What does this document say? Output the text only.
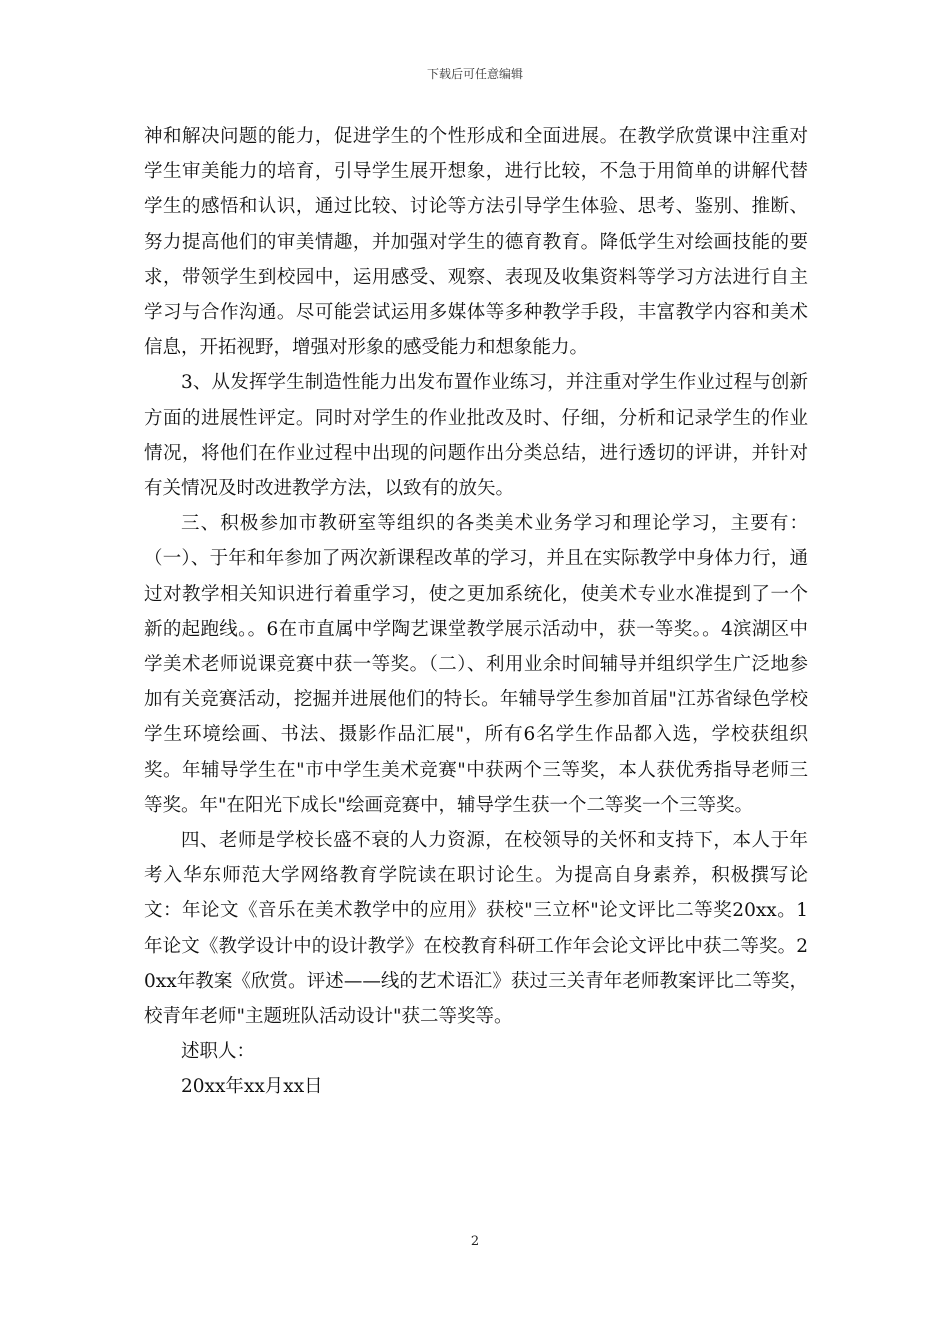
下载后可任意编辑

神和解决问题的能力，促进学生的个性形成和全面进展。在教学欣赏课中注重对学生审美能力的培育，引导学生展开想象，进行比较，不急于用简单的讲解代替学生的感悟和认识，通过比较、讨论等方法引导学生体验、思考、鉴别、推断、努力提高他们的审美情趣，并加强对学生的德育教育。降低学生对绘画技能的要求，带领学生到校园中，运用感受、观察、表现及收集资料等学习方法进行自主学习与合作沟通。尽可能尝试运用多媒体等多种教学手段，丰富教学内容和美术信息，开拓视野，增强对形象的感受能力和想象能力。

3、从发挥学生制造性能力出发布置作业练习，并注重对学生作业过程与创新方面的进展性评定。同时对学生的作业批改及时、仔细，分析和记录学生的作业情况，将他们在作业过程中出现的问题作出分类总结，进行透切的评讲，并针对有关情况及时改进教学方法，以致有的放矢。

三、积极参加市教研室等组织的各类美术业务学习和理论学习，主要有：（一）、于年和年参加了两次新课程改革的学习，并且在实际教学中身体力行，通过对教学相关知识进行着重学习，使之更加系统化，使美术专业水准提到了一个新的起跑线。。6在市直属中学陶艺课堂教学展示活动中，获一等奖。。4滨湖区中学美术老师说课竞赛中获一等奖。（二）、利用业余时间辅导并组织学生广泛地参加有关竞赛活动，挖掘并进展他们的特长。年辅导学生参加首届"江苏省绿色学校学生环境绘画、书法、摄影作品汇展"，所有6名学生作品都入选，学校获组织奖。年辅导学生在"市中学生美术竞赛"中获两个三等奖，本人获优秀指导老师三等奖。年"在阳光下成长"绘画竞赛中，辅导学生获一个二等奖一个三等奖。

四、老师是学校长盛不衰的人力资源，在校领导的关怀和支持下，本人于年考入华东师范大学网络教育学院读在职讨论生。为提高自身素养，积极撰写论文：年论文《音乐在美术教学中的应用》获校"三立杯"论文评比二等奖20xx。1年论文《教学设计中的设计教学》在校教育科研工作年会论文评比中获二等奖。20xx年教案《欣赏。评述——线的艺术语汇》获过三关青年老师教案评比二等奖，校青年老师"主题班队活动设计"获二等奖等。

述职人：

20xx年xx月xx日

2
